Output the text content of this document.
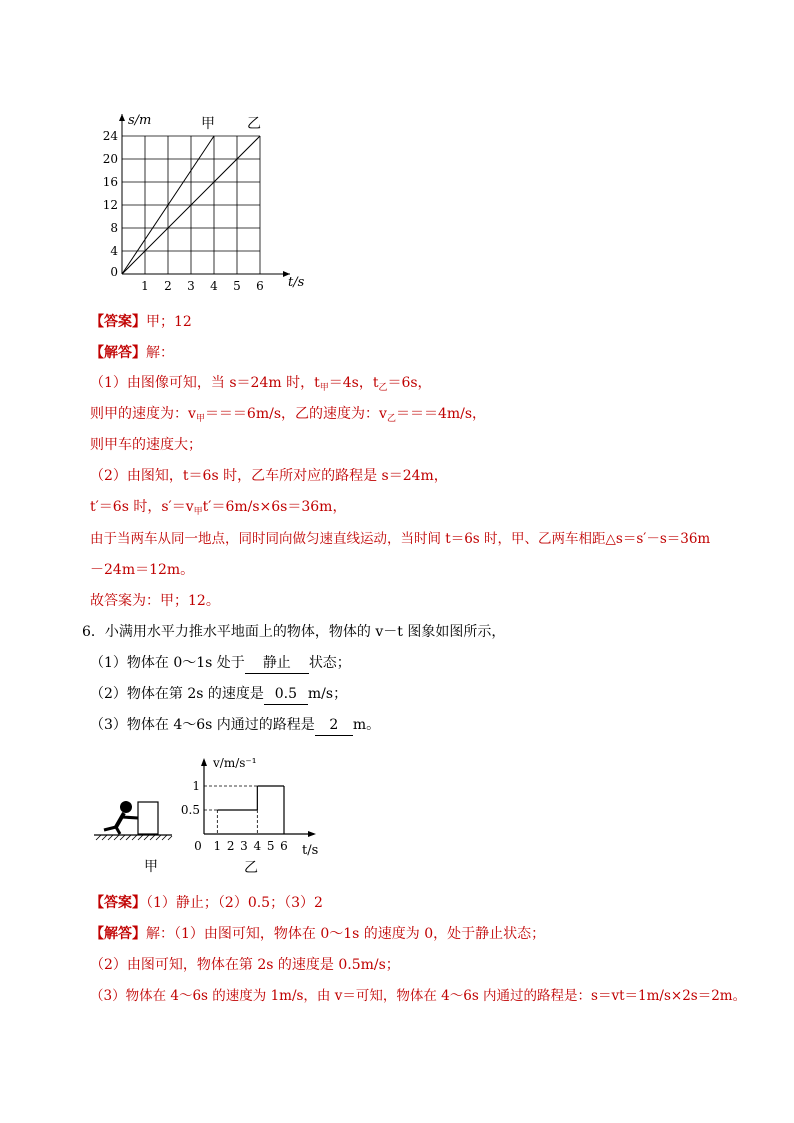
1 2 3 4 5 6
0
4
8
12
16
20
24
甲 乙
s/m
t/s
【答案】甲；12
【解答】解：
（1）由图像可知，当 s＝24m 时，$t_甲=4s$，$t_乙=6s$，
则甲的速度为：$v_甲===6m/s$，乙的速度为：$v_乙===4m/s$，
则甲车的速度大；
（2）由图知，t＝6s 时，乙车所对应的路程是 s＝24m，
t′＝6s 时，$s'=v_甲t'=6m/s\times 6s=36m$，
由于当两车从同一地点，同时同向做匀速直线运动，当时间 t＝6s 时，甲、乙两车相距△s＝s′－s＝36m
－24m＝12m。
故答案为：甲；12。
6．小满用水平力推水平地面上的物体，物体的 v－t 图象如图所示，
（1）物体在 0～1s 处于 静止 状态；
（2）物体在第 2s 的速度是 0.5 m/s；
（3）物体在 4～6s 内通过的路程是 2 m。
甲
0 1 2 3 4 5 6
0.5
1
v/m/s⁻¹
t/s
乙
【答案】（1）静止；（2）0.5；（3）2
【解答】解：（1）由图可知，物体在 0～1s 的速度为 0，处于静止状态；
（2）由图可知，物体在第 2s 的速度是 0.5m/s；
（3）物体在 4～6s 的速度为 1m/s，由 v＝可知，物体在 4～6s 内通过的路程是：s＝vt＝1m/s×2s＝2m。
